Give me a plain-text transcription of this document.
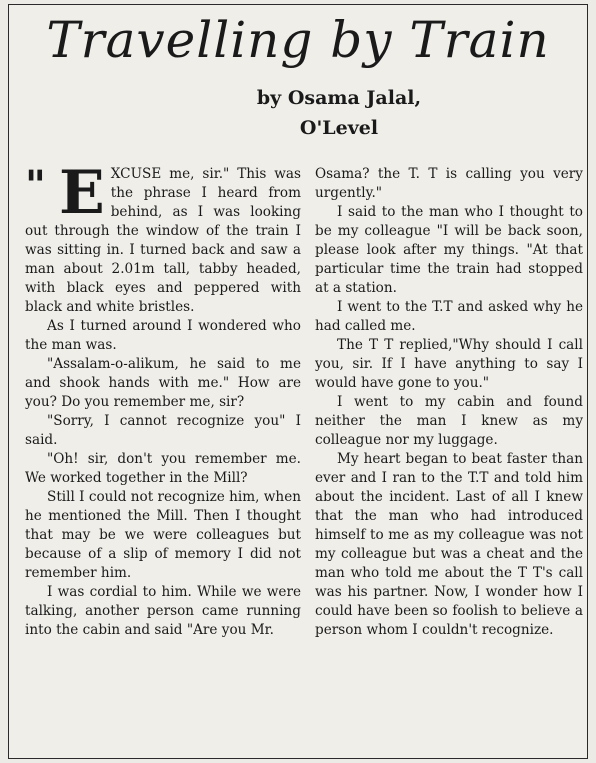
Travelling by Train
by Osama Jalal,
O'Level

" E XCUSE me, sir." This was the phrase I heard from behind, as I was looking out through the window of the train I was sitting in. I turned back and saw a man about 2.01m tall, tabby headed, with black eyes and peppered with black and white bristles.

As I turned around I wondered who the man was.

"Assalam-o-alikum, he said to me and shook hands with me." How are you? Do you remember me, sir?

"Sorry, I cannot recognize you" I said.

"Oh! sir, don't you remember me. We worked together in the Mill?

Still I could not recognize him, when he mentioned the Mill. Then I thought that may be we were colleagues but because of a slip of memory I did not remember him.

I was cordial to him. While we were talking, another person came running into the cabin and said "Are you Mr.

Osama? the T. T is calling you very urgently."

I said to the man who I thought to be my colleague "I will be back soon, please look after my things. "At that particular time the train had stopped at a station.

I went to the T.T and asked why he had called me.

The T T replied,"Why should I call you, sir. If I have anything to say I would have gone to you."

I went to my cabin and found neither the man I knew as my colleague nor my luggage.

My heart began to beat faster than ever and I ran to the T.T and told him about the incident. Last of all I knew that the man who had introduced himself to me as my colleague was not my colleague but was a cheat and the man who told me about the T T's call was his partner. Now, I wonder how I could have been so foolish to believe a person whom I couldn't recognize.
